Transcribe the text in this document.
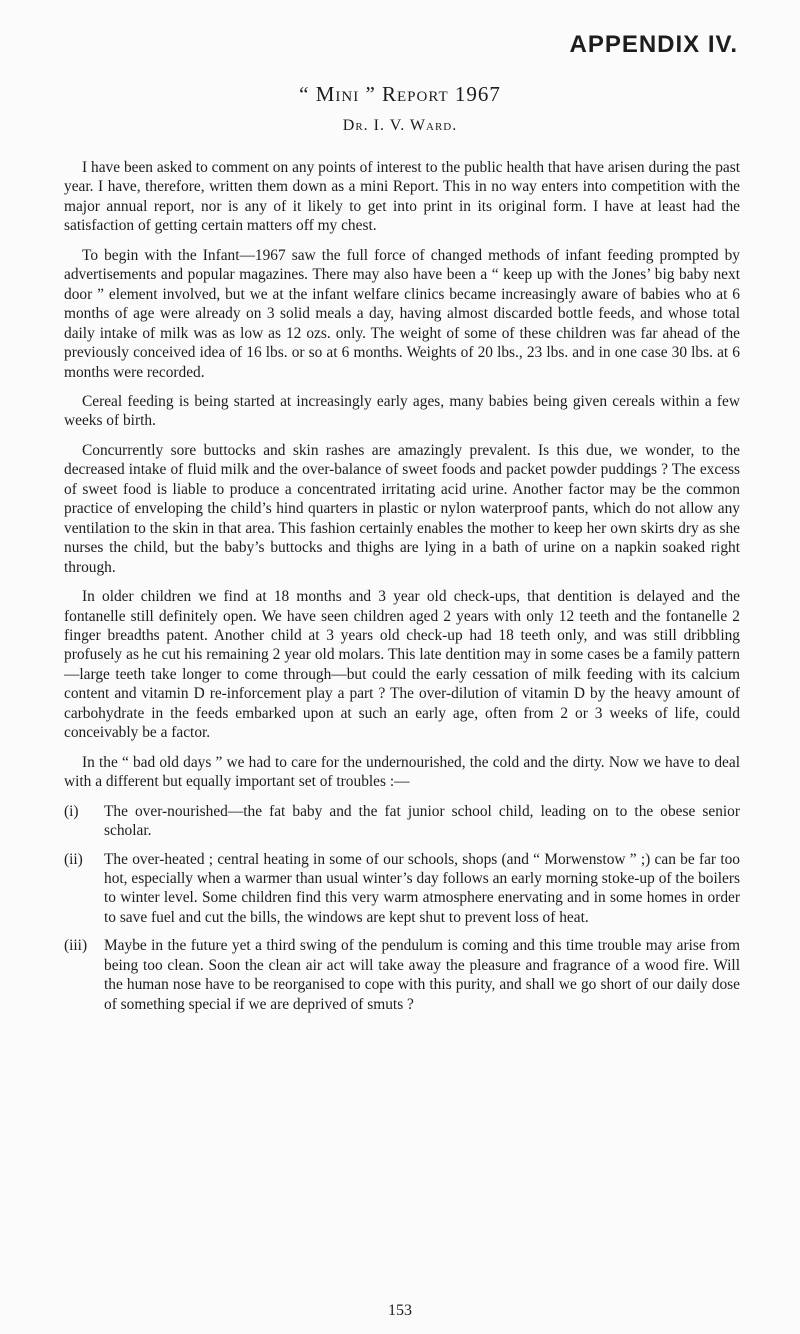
APPENDIX IV.
“ Mini ” Report 1967

Dr. I. V. Ward.

I have been asked to comment on any points of interest to the public health that have arisen during the past year. I have, therefore, written them down as a mini Report. This in no way enters into competition with the major annual report, nor is any of it likely to get into print in its original form. I have at least had the satisfaction of getting certain matters off my chest.

To begin with the Infant—1967 saw the full force of changed methods of infant feeding prompted by advertisements and popular magazines. There may also have been a “ keep up with the Jones’ big baby next door ” element involved, but we at the infant welfare clinics became increasingly aware of babies who at 6 months of age were already on 3 solid meals a day, having almost discarded bottle feeds, and whose total daily intake of milk was as low as 12 ozs. only. The weight of some of these children was far ahead of the previously conceived idea of 16 lbs. or so at 6 months. Weights of 20 lbs., 23 lbs. and in one case 30 lbs. at 6 months were recorded.

Cereal feeding is being started at increasingly early ages, many babies being given cereals within a few weeks of birth.

Concurrently sore buttocks and skin rashes are amazingly prevalent. Is this due, we wonder, to the decreased intake of fluid milk and the over-balance of sweet foods and packet powder puddings ? The excess of sweet food is liable to produce a concentrated irritating acid urine. Another factor may be the common practice of enveloping the child’s hind quarters in plastic or nylon waterproof pants, which do not allow any ventilation to the skin in that area. This fashion certainly enables the mother to keep her own skirts dry as she nurses the child, but the baby’s buttocks and thighs are lying in a bath of urine on a napkin soaked right through.

In older children we find at 18 months and 3 year old check-ups, that dentition is delayed and the fontanelle still definitely open. We have seen children aged 2 years with only 12 teeth and the fontanelle 2 finger breadths patent. Another child at 3 years old check-up had 18 teeth only, and was still dribbling profusely as he cut his remaining 2 year old molars. This late dentition may in some cases be a family pattern—large teeth take longer to come through—but could the early cessation of milk feeding with its calcium content and vitamin D re-inforcement play a part ? The over-dilution of vitamin D by the heavy amount of carbohydrate in the feeds embarked upon at such an early age, often from 2 or 3 weeks of life, could conceivably be a factor.

In the “ bad old days ” we had to care for the undernourished, the cold and the dirty. Now we have to deal with a different but equally important set of troubles :—

(i) The over-nourished—the fat baby and the fat junior school child, leading on to the obese senior scholar.
(ii) The over-heated ; central heating in some of our schools, shops (and “ Morwenstow ” ;) can be far too hot, especially when a warmer than usual winter’s day follows an early morning stoke-up of the boilers to winter level. Some children find this very warm atmosphere enervating and in some homes in order to save fuel and cut the bills, the windows are kept shut to prevent loss of heat.
(iii) Maybe in the future yet a third swing of the pendulum is coming and this time trouble may arise from being too clean. Soon the clean air act will take away the pleasure and fragrance of a wood fire. Will the human nose have to be reorganised to cope with this purity, and shall we go short of our daily dose of something special if we are deprived of smuts ?

153
